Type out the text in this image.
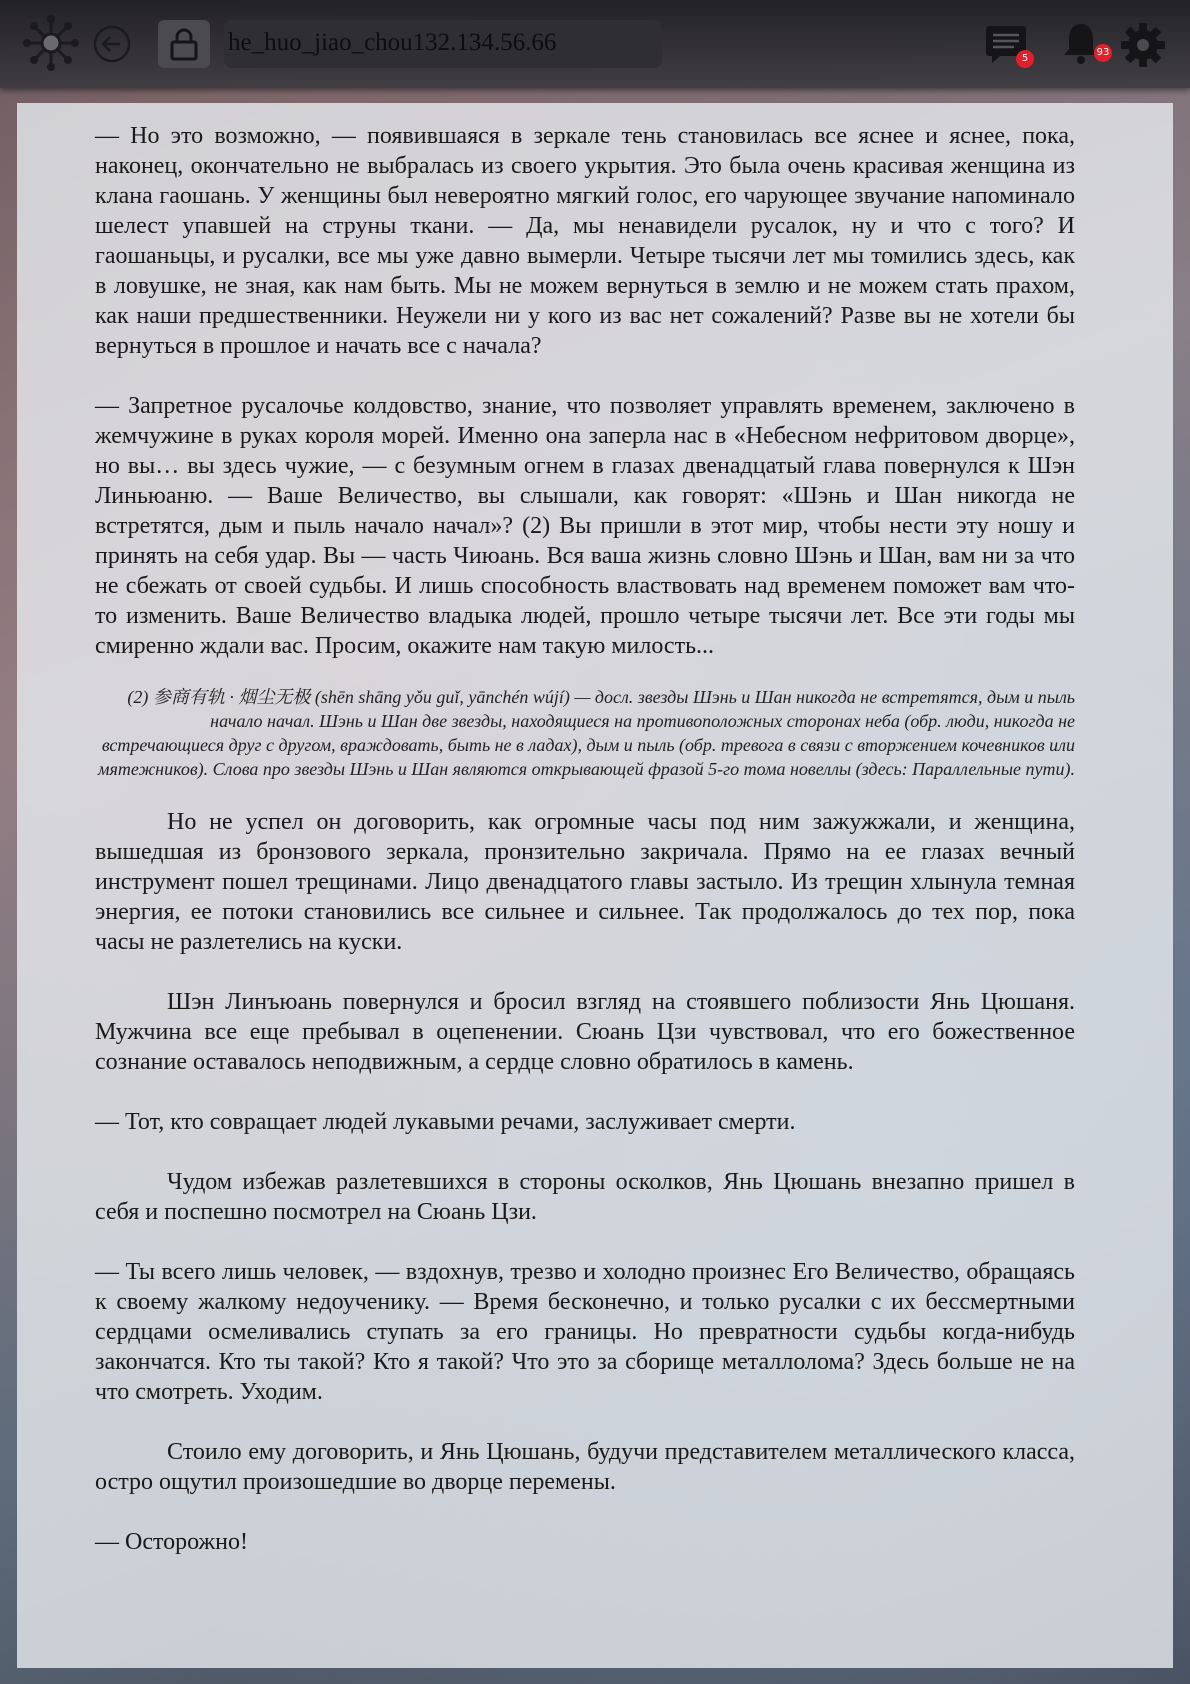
he_huo_jiao_chou132.134.56.66
5
93

— Но это возможно, — появившаяся в зеркале тень становилась все яснее и яснее, пока, наконец, окончательно не выбралась из своего укрытия. Это была очень красивая женщина из клана гаошань. У женщины был невероятно мягкий голос, его чарующее звучание напоминало шелест упавшей на струны ткани. — Да, мы ненавидели русалок, ну и что с того? И гаошаньцы, и русалки, все мы уже давно вымерли. Четыре тысячи лет мы томились здесь, как в ловушке, не зная, как нам быть. Мы не можем вернуться в землю и не можем стать прахом, как наши предшественники. Неужели ни у кого из вас нет сожалений? Разве вы не хотели бы вернуться в прошлое и начать все с начала?

— Запретное русалочье колдовство, знание, что позволяет управлять временем, заключено в жемчужине в руках короля морей. Именно она заперла нас в «Небесном нефритовом дворце», но вы… вы здесь чужие, — с безумным огнем в глазах двенадцатый глава повернулся к Шэн Линьюаню. — Ваше Величество, вы слышали, как говорят: «Шэнь и Шан никогда не встретятся, дым и пыль начало начал»? (2) Вы пришли в этот мир, чтобы нести эту ношу и принять на себя удар. Вы — часть Чиюань. Вся ваша жизнь словно Шэнь и Шан, вам ни за что не сбежать от своей судьбы. И лишь способность властвовать над временем поможет вам что-то изменить. Ваше Величество владыка людей, прошло четыре тысячи лет. Все эти годы мы смиренно ждали вас. Просим, окажите нам такую милость...

(2) 参商有轨 · 烟尘无极 (shēn shāng yǒu guǐ, yānchén wújí) — досл. звезды Шэнь и Шан никогда не встретятся, дым и пыль начало начал. Шэнь и Шан две звезды, находящиеся на противоположных сторонах неба (обр. люди, никогда не встречающиеся друг с другом, враждовать, быть не в ладах), дым и пыль (обр. тревога в связи с вторжением кочевников или мятежников). Слова про звезды Шэнь и Шан являются открывающей фразой 5-го тома новеллы (здесь: Параллельные пути).

Но не успел он договорить, как огромные часы под ним зажужжали, и женщина, вышедшая из бронзового зеркала, пронзительно закричала. Прямо на ее глазах вечный инструмент пошел трещинами. Лицо двенадцатого главы застыло. Из трещин хлынула темная энергия, ее потоки становились все сильнее и сильнее. Так продолжалось до тех пор, пока часы не разлетелись на куски.

Шэн Линъюань повернулся и бросил взгляд на стоявшего поблизости Янь Цюшаня. Мужчина все еще пребывал в оцепенении. Сюань Цзи чувствовал, что его божественное сознание оставалось неподвижным, а сердце словно обратилось в камень.

— Тот, кто совращает людей лукавыми речами, заслуживает смерти.

Чудом избежав разлетевшихся в стороны осколков, Янь Цюшань внезапно пришел в себя и поспешно посмотрел на Сюань Цзи.

— Ты всего лишь человек, — вздохнув, трезво и холодно произнес Его Величество, обращаясь к своему жалкому недоученику. — Время бесконечно, и только русалки с их бессмертными сердцами осмеливались ступать за его границы. Но превратности судьбы когда-нибудь закончатся. Кто ты такой? Кто я такой? Что это за сборище металлолома? Здесь больше не на что смотреть. Уходим.

Стоило ему договорить, и Янь Цюшань, будучи представителем металлического класса, остро ощутил произошедшие во дворце перемены.

— Осторожно!
